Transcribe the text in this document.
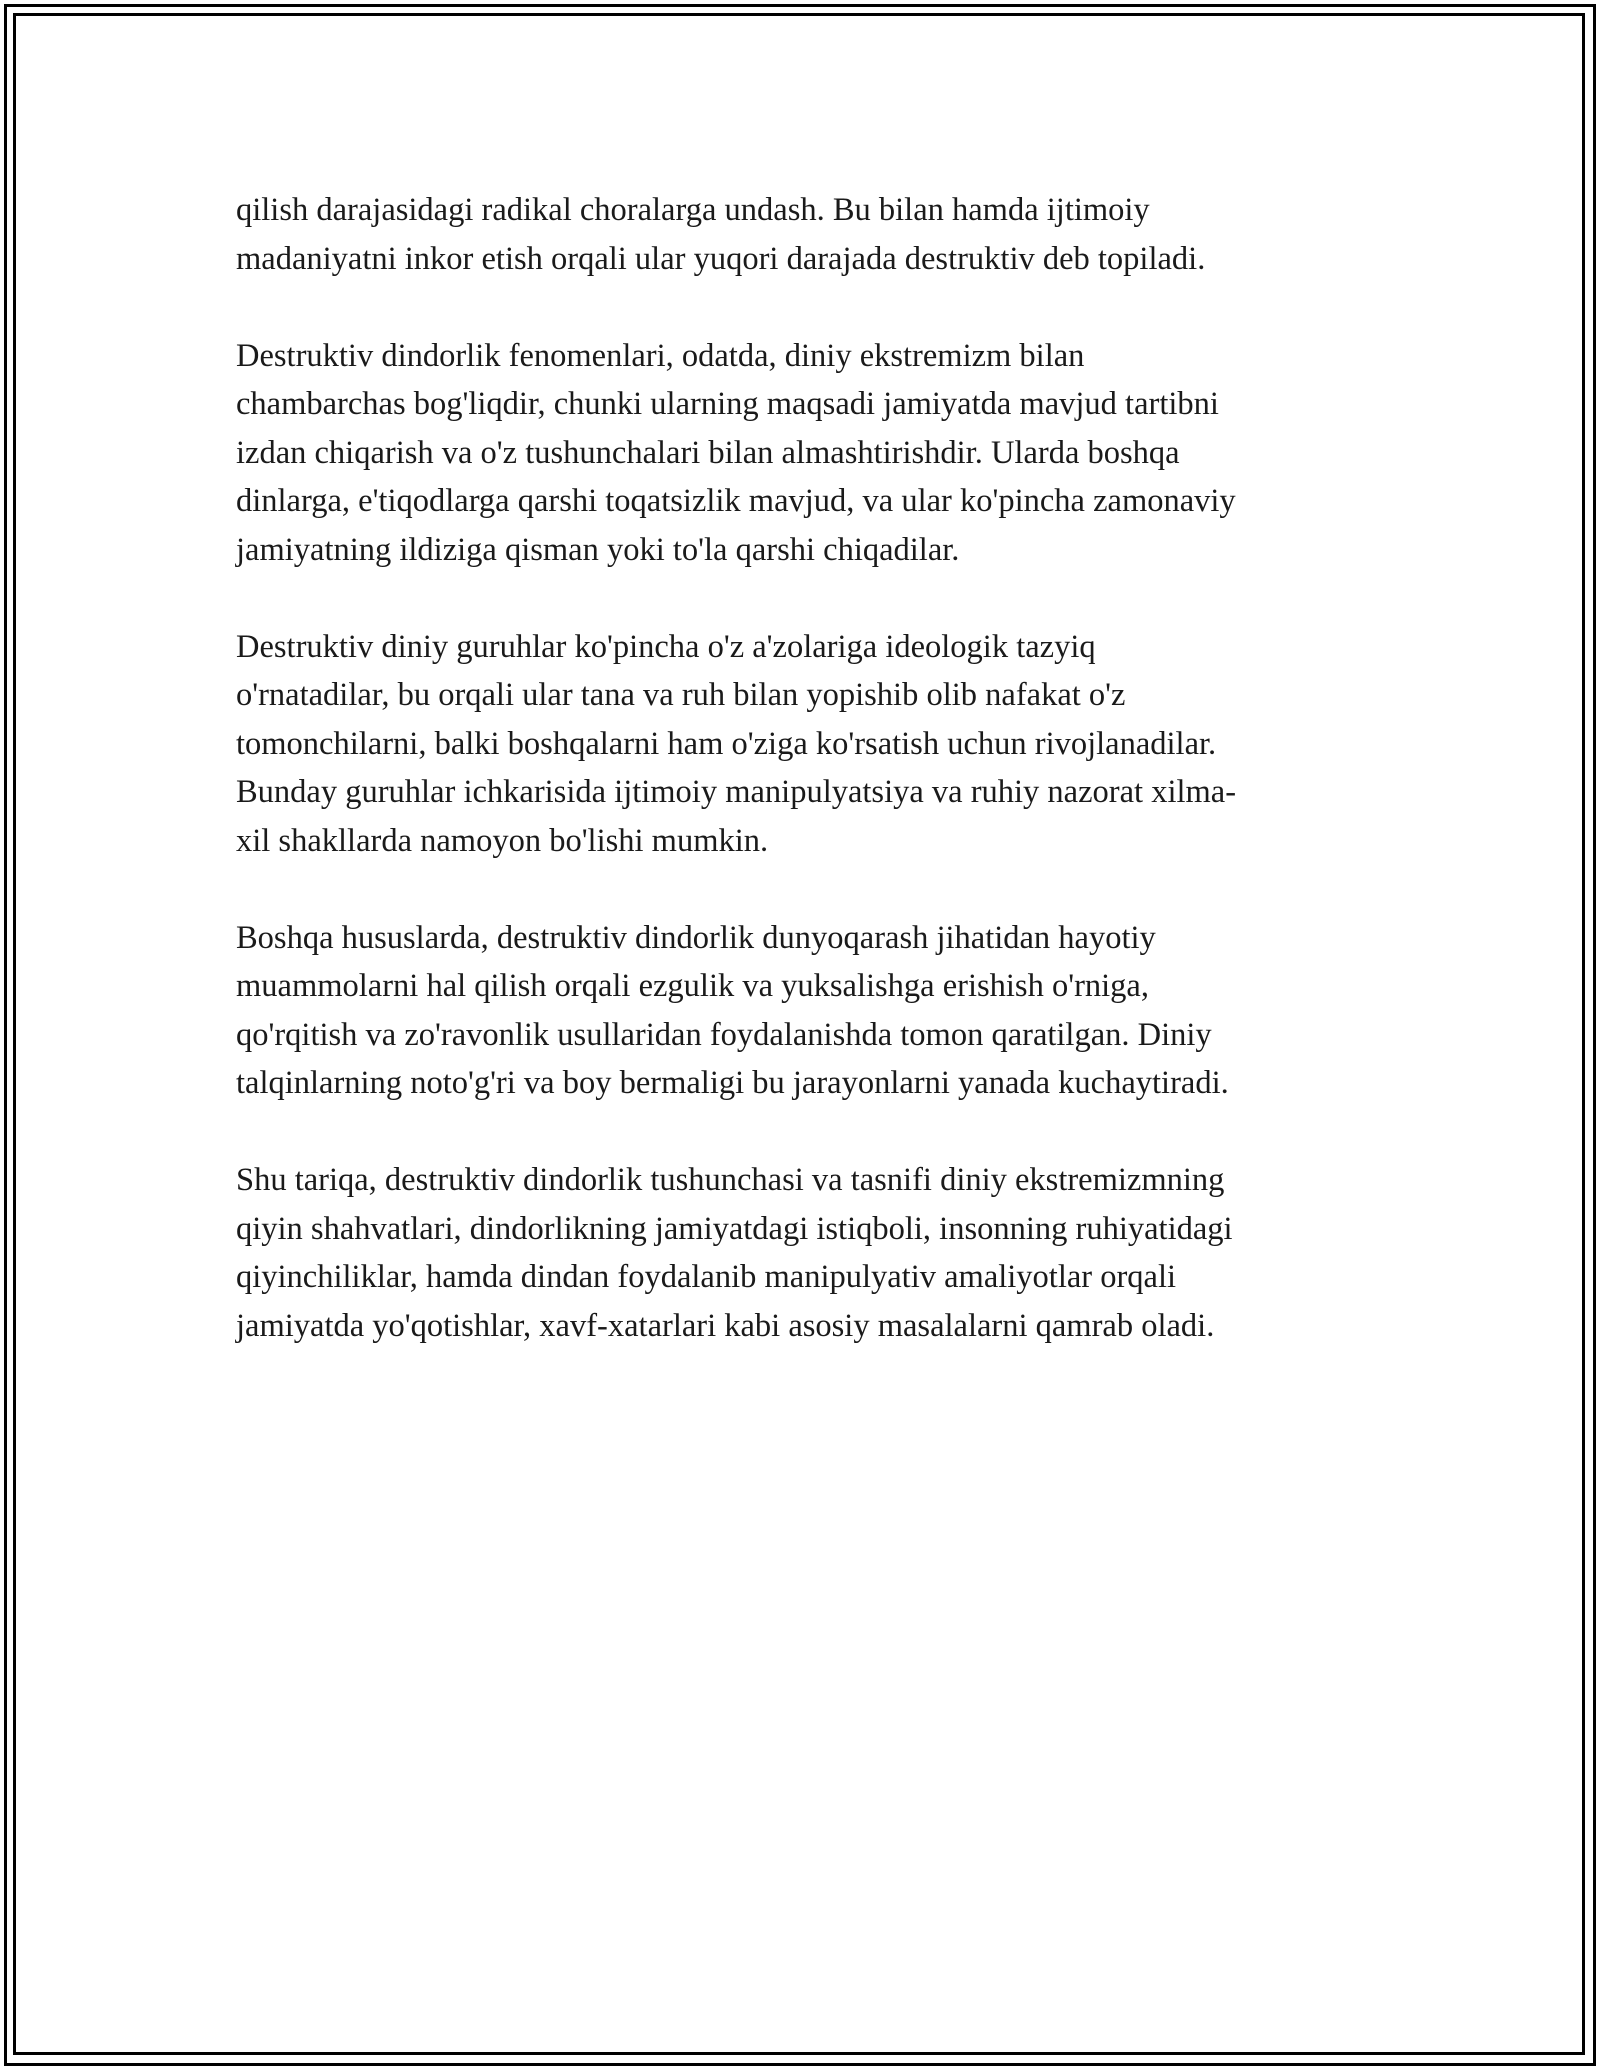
qilish darajasidagi radikal choralarga undash. Bu bilan hamda ijtimoiy
madaniyatni inkor etish orqali ular yuqori darajada destruktiv deb topiladi.

Destruktiv dindorlik fenomenlari, odatda, diniy ekstremizm bilan
chambarchas bog'liqdir, chunki ularning maqsadi jamiyatda mavjud tartibni
izdan chiqarish va o'z tushunchalari bilan almashtirishdir. Ularda boshqa
dinlarga, e'tiqodlarga qarshi toqatsizlik mavjud, va ular ko'pincha zamonaviy
jamiyatning ildiziga qisman yoki to'la qarshi chiqadilar.

Destruktiv diniy guruhlar ko'pincha o'z a'zolariga ideologik tazyiq
o'rnatadilar, bu orqali ular tana va ruh bilan yopishib olib nafakat o'z
tomonchilarni, balki boshqalarni ham o'ziga ko'rsatish uchun rivojlanadilar.
Bunday guruhlar ichkarisida ijtimoiy manipulyatsiya va ruhiy nazorat xilma-
xil shakllarda namoyon bo'lishi mumkin.

Boshqa hususlarda, destruktiv dindorlik dunyoqarash jihatidan hayotiy
muammolarni hal qilish orqali ezgulik va yuksalishga erishish o'rniga,
qo'rqitish va zo'ravonlik usullaridan foydalanishda tomon qaratilgan. Diniy
talqinlarning noto'g'ri va boy bermaligi bu jarayonlarni yanada kuchaytiradi.

Shu tariqa, destruktiv dindorlik tushunchasi va tasnifi diniy ekstremizmning
qiyin shahvatlari, dindorlikning jamiyatdagi istiqboli, insonning ruhiyatidagi
qiyinchiliklar, hamda dindan foydalanib manipulyativ amaliyotlar orqali
jamiyatda yo'qotishlar, xavf-xatarlari kabi asosiy masalalarni qamrab oladi.
